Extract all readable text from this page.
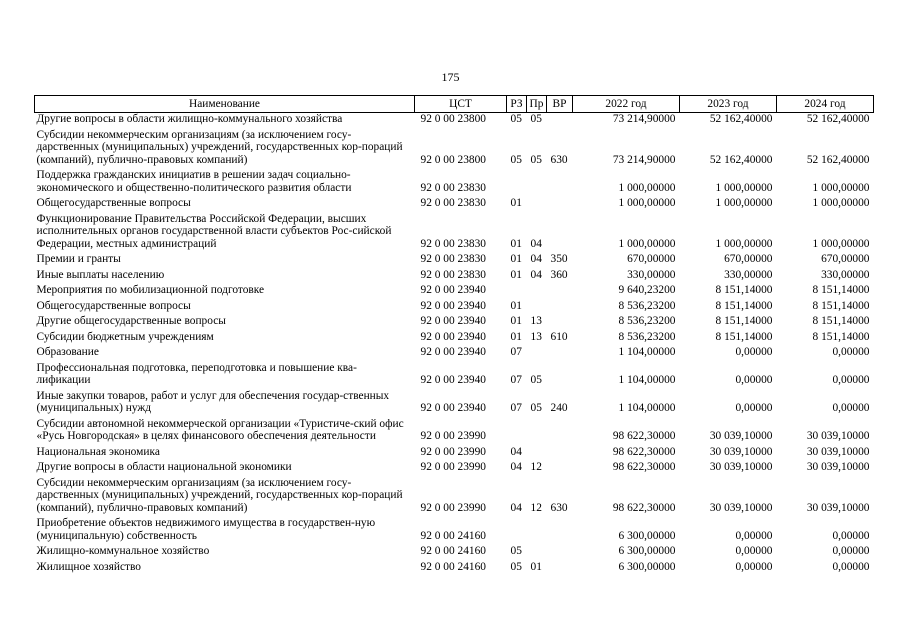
175
Наименование	ЦСТ	РЗ	Пр	ВР	2022 год	2023 год	2024 год
Другие вопросы в области жилищно-коммунального хозяйства	92 0 00 23800	05	05		73 214,90000	52 162,40000	52 162,40000
Субсидии некоммерческим организациям (за исключением госу-дарственных (муниципальных) учреждений, государственных кор-пораций (компаний), публично-правовых компаний)	92 0 00 23800	05	05	630	73 214,90000	52 162,40000	52 162,40000
Поддержка гражданских инициатив в решении задач социально-экономического и общественно-политического развития области	92 0 00 23830				1 000,00000	1 000,00000	1 000,00000
Общегосударственные вопросы	92 0 00 23830	01			1 000,00000	1 000,00000	1 000,00000
Функционирование Правительства Российской Федерации, высших исполнительных органов государственной власти субъектов Рос-сийской Федерации, местных администраций	92 0 00 23830	01	04		1 000,00000	1 000,00000	1 000,00000
Премии и гранты	92 0 00 23830	01	04	350	670,00000	670,00000	670,00000
Иные выплаты населению	92 0 00 23830	01	04	360	330,00000	330,00000	330,00000
Мероприятия по мобилизационной подготовке	92 0 00 23940				9 640,23200	8 151,14000	8 151,14000
Общегосударственные вопросы	92 0 00 23940	01			8 536,23200	8 151,14000	8 151,14000
Другие общегосударственные вопросы	92 0 00 23940	01	13		8 536,23200	8 151,14000	8 151,14000
Субсидии бюджетным учреждениям	92 0 00 23940	01	13	610	8 536,23200	8 151,14000	8 151,14000
Образование	92 0 00 23940	07			1 104,00000	0,00000	0,00000
Профессиональная подготовка, переподготовка и повышение ква-лификации	92 0 00 23940	07	05		1 104,00000	0,00000	0,00000
Иные закупки товаров, работ и услуг для обеспечения государ-ственных (муниципальных) нужд	92 0 00 23940	07	05	240	1 104,00000	0,00000	0,00000
Субсидии автономной некоммерческой организации «Туристиче-ский офис «Русь Новгородская» в целях финансового обеспечения деятельности	92 0 00 23990				98 622,30000	30 039,10000	30 039,10000
Национальная экономика	92 0 00 23990	04			98 622,30000	30 039,10000	30 039,10000
Другие вопросы в области национальной экономики	92 0 00 23990	04	12		98 622,30000	30 039,10000	30 039,10000
Субсидии некоммерческим организациям (за исключением госу-дарственных (муниципальных) учреждений, государственных кор-пораций (компаний), публично-правовых компаний)	92 0 00 23990	04	12	630	98 622,30000	30 039,10000	30 039,10000
Приобретение объектов недвижимого имущества в государствен-ную (муниципальную) собственность	92 0 00 24160				6 300,00000	0,00000	0,00000
Жилищно-коммунальное хозяйство	92 0 00 24160	05			6 300,00000	0,00000	0,00000
Жилищное хозяйство	92 0 00 24160	05	01		6 300,00000	0,00000	0,00000
